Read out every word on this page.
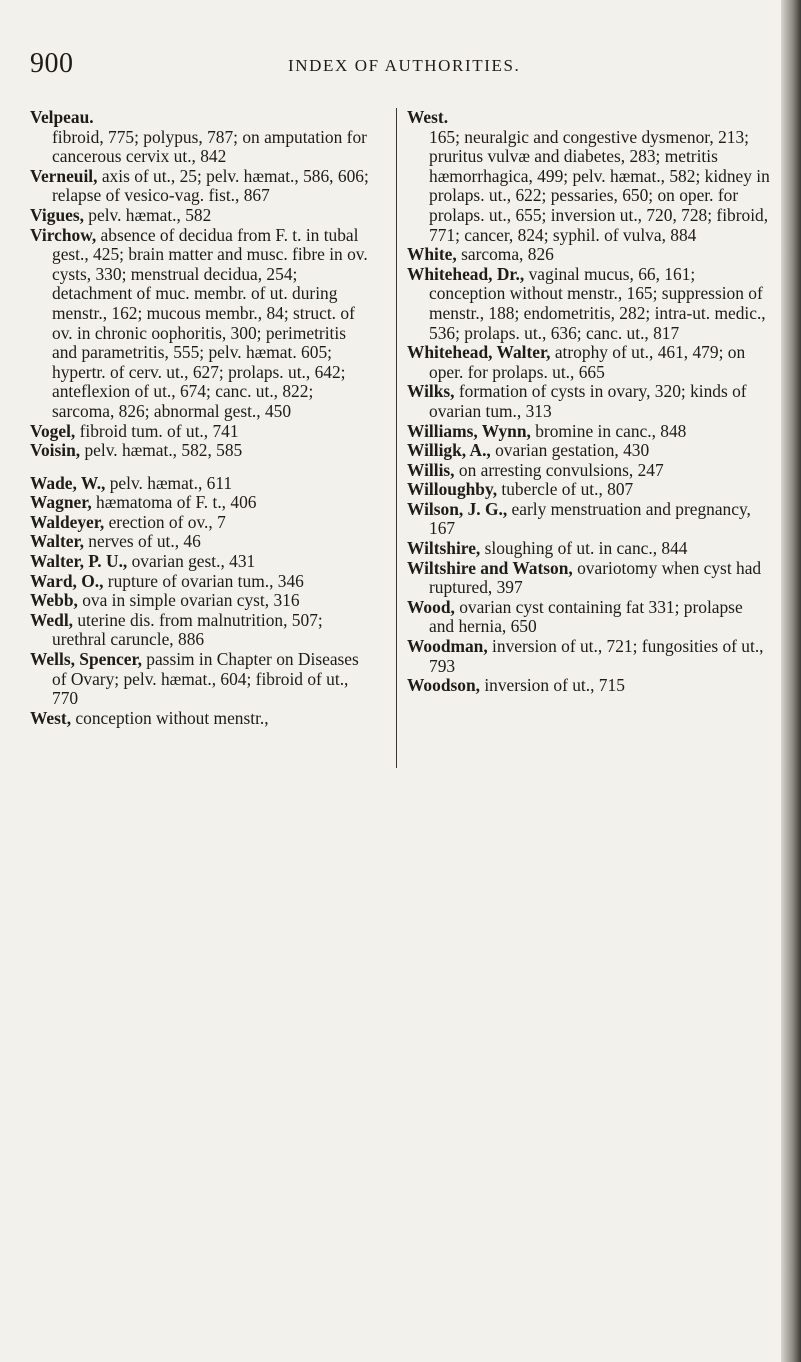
900	INDEX OF AUTHORITIES.

Velpeau.

fibroid, 775; polypus, 787; on amputation for cancerous cervix ut., 842

Verneuil, axis of ut., 25; pelv. hæmat., 586, 606; relapse of vesico-vag. fist., 867

Vigues, pelv. hæmat., 582

Virchow, absence of decidua from F. t. in tubal gest., 425; brain matter and musc. fibre in ov. cysts, 330; menstrual decidua, 254; detachment of muc. membr. of ut. during menstr., 162; mucous membr., 84; struct. of ov. in chronic oophoritis, 300; perimetritis and parametritis, 555; pelv. hæmat. 605; hypertr. of cerv. ut., 627; prolaps. ut., 642; anteflexion of ut., 674; canc. ut., 822; sarcoma, 826; abnormal gest., 450

Vogel, fibroid tum. of ut., 741

Voisin, pelv. hæmat., 582, 585

Wade, W., pelv. hæmat., 611

Wagner, hæmatoma of F. t., 406

Waldeyer, erection of ov., 7

Walter, nerves of ut., 46

Walter, P. U., ovarian gest., 431

Ward, O., rupture of ovarian tum., 346

Webb, ova in simple ovarian cyst, 316

Wedl, uterine dis. from malnutrition, 507; urethral caruncle, 886

Wells, Spencer, passim in Chapter on Diseases of Ovary; pelv. hæmat., 604; fibroid of ut., 770

West, conception without menstr.,

West.

165; neuralgic and congestive dysmenor, 213; pruritus vulvæ and diabetes, 283; metritis hæmorrhagica, 499; pelv. hæmat., 582; kidney in prolaps. ut., 622; pessaries, 650; on oper. for prolaps. ut., 655; inversion ut., 720, 728; fibroid, 771; cancer, 824; syphil. of vulva, 884

White, sarcoma, 826

Whitehead, Dr., vaginal mucus, 66, 161; conception without menstr., 165; suppression of menstr., 188; endometritis, 282; intra-ut. medic., 536; prolaps. ut., 636; canc. ut., 817

Whitehead, Walter, atrophy of ut., 461, 479; on oper. for prolaps. ut., 665

Wilks, formation of cysts in ovary, 320; kinds of ovarian tum., 313

Williams, Wynn, bromine in canc., 848

Willigk, A., ovarian gestation, 430

Willis, on arresting convulsions, 247

Willoughby, tubercle of ut., 807

Wilson, J. G., early menstruation and pregnancy, 167

Wiltshire, sloughing of ut. in canc., 844

Wiltshire and Watson, ovariotomy when cyst had ruptured, 397

Wood, ovarian cyst containing fat 331; prolapse and hernia, 650

Woodman, inversion of ut., 721; fungosities of ut., 793

Woodson, inversion of ut., 715
